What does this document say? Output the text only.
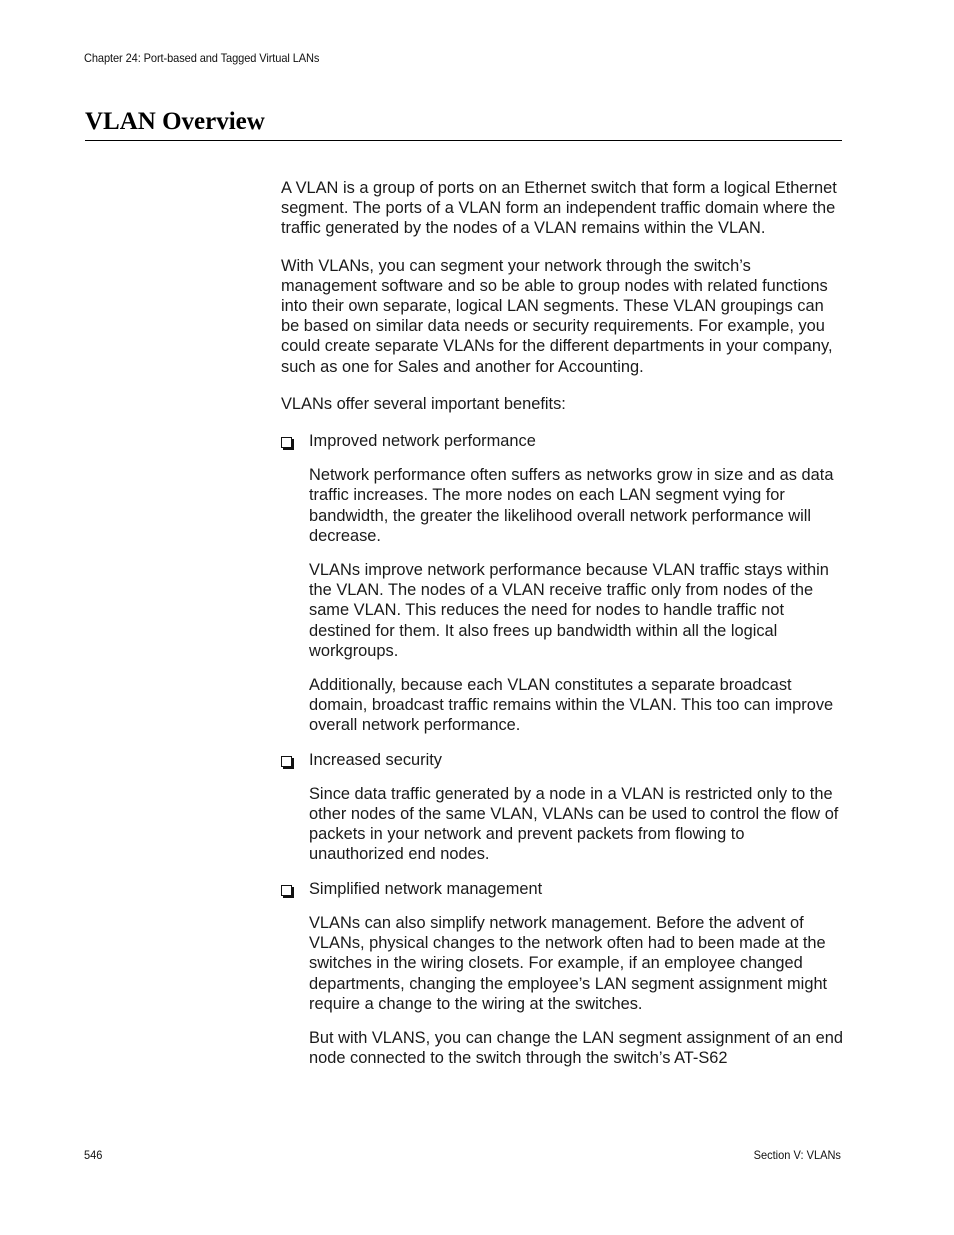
Chapter 24: Port-based and Tagged Virtual LANs
VLAN Overview

A VLAN is a group of ports on an Ethernet switch that form a logical Ethernet segment. The ports of a VLAN form an independent traffic domain where the traffic generated by the nodes of a VLAN remains within the VLAN.

With VLANs, you can segment your network through the switch’s management software and so be able to group nodes with related functions into their own separate, logical LAN segments. These VLAN groupings can be based on similar data needs or security requirements. For example, you could create separate VLANs for the different departments in your company, such as one for Sales and another for Accounting.

VLANs offer several important benefits:

Improved network performance

Network performance often suffers as networks grow in size and as data traffic increases. The more nodes on each LAN segment vying for bandwidth, the greater the likelihood overall network performance will decrease.

VLANs improve network performance because VLAN traffic stays within the VLAN. The nodes of a VLAN receive traffic only from nodes of the same VLAN. This reduces the need for nodes to handle traffic not destined for them. It also frees up bandwidth within all the logical workgroups.

Additionally, because each VLAN constitutes a separate broadcast domain, broadcast traffic remains within the VLAN. This too can improve overall network performance.

Increased security

Since data traffic generated by a node in a VLAN is restricted only to the other nodes of the same VLAN, VLANs can be used to control the flow of packets in your network and prevent packets from flowing to unauthorized end nodes.

Simplified network management

VLANs can also simplify network management. Before the advent of VLANs, physical changes to the network often had to been made at the switches in the wiring closets. For example, if an employee changed departments, changing the employee’s LAN segment assignment might require a change to the wiring at the switches.

But with VLANS, you can change the LAN segment assignment of an end node connected to the switch through the switch’s AT-S62

546	Section V: VLANs
